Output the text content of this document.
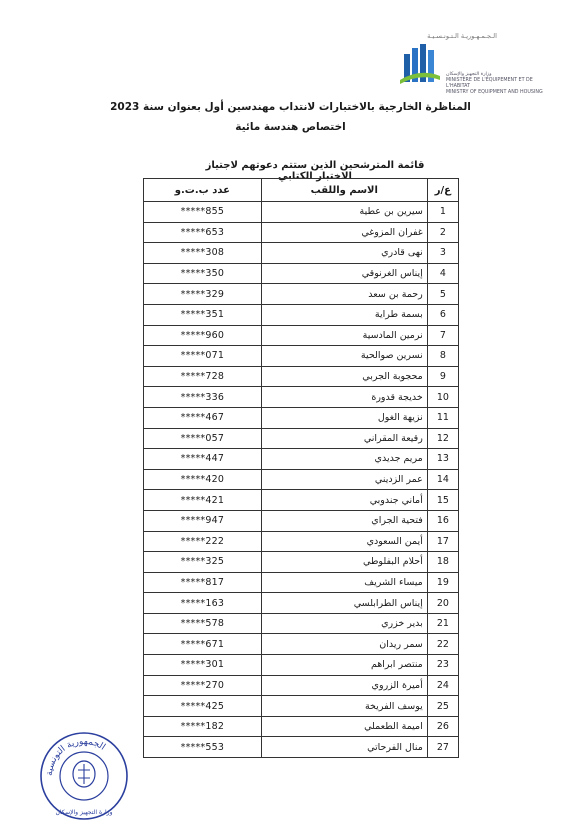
الـجـمـهـوريـة الـتـونـسـيـة
وزارة التجهيز والإسكان
MINISTÈRE DE L'ÉQUIPEMENT ET DE L'HABITAT
MINISTRY OF EQUIPMENT AND HOUSING
المناظرة الخارجية بالاختبارات لانتداب مهندسين أول بعنوان سنة 2023
اختصاص هندسة مائية
قائمة المترشحين الذين ستتم دعوتهم لاجتياز الاختبار الكتابي
عدد ب.ت.و	الاسم واللقب	ع/ر
*****855	سيرين بن عطية	1
*****653	غفران المزوغي	2
*****308	نهى قادري	3
*****350	إيناس الغرنوقي	4
*****329	رحمة بن سعد	5
*****351	بسمة طراية	6
*****960	نرمين المادسية	7
*****071	نسرين صوالحية	8
*****728	محجوبة الجربي	9
*****336	خديجة قدورة	10
*****467	نزيهة الغول	11
*****057	رقيعة المقراني	12
*****447	مريم جديدي	13
*****420	عمر الزديني	14
*****421	أماني جندوبي	15
*****947	فتحية الجراي	16
*****222	أيمن السعودي	17
*****325	أحلام البفلوطي	18
*****817	ميساء الشريف	19
*****163	إيناس الطرابلسي	20
*****578	بدير خزري	21
*****671	سمر ريدان	22
*****301	منتصر ابراهم	23
*****270	أميرة الزروي	24
*****425	يوسف الفريخة	25
*****182	اميمة الطعملي	26
*****553	منال الفرحاتي	27
الجمهورية التونسية
وزارة التجهيز والإسكان
